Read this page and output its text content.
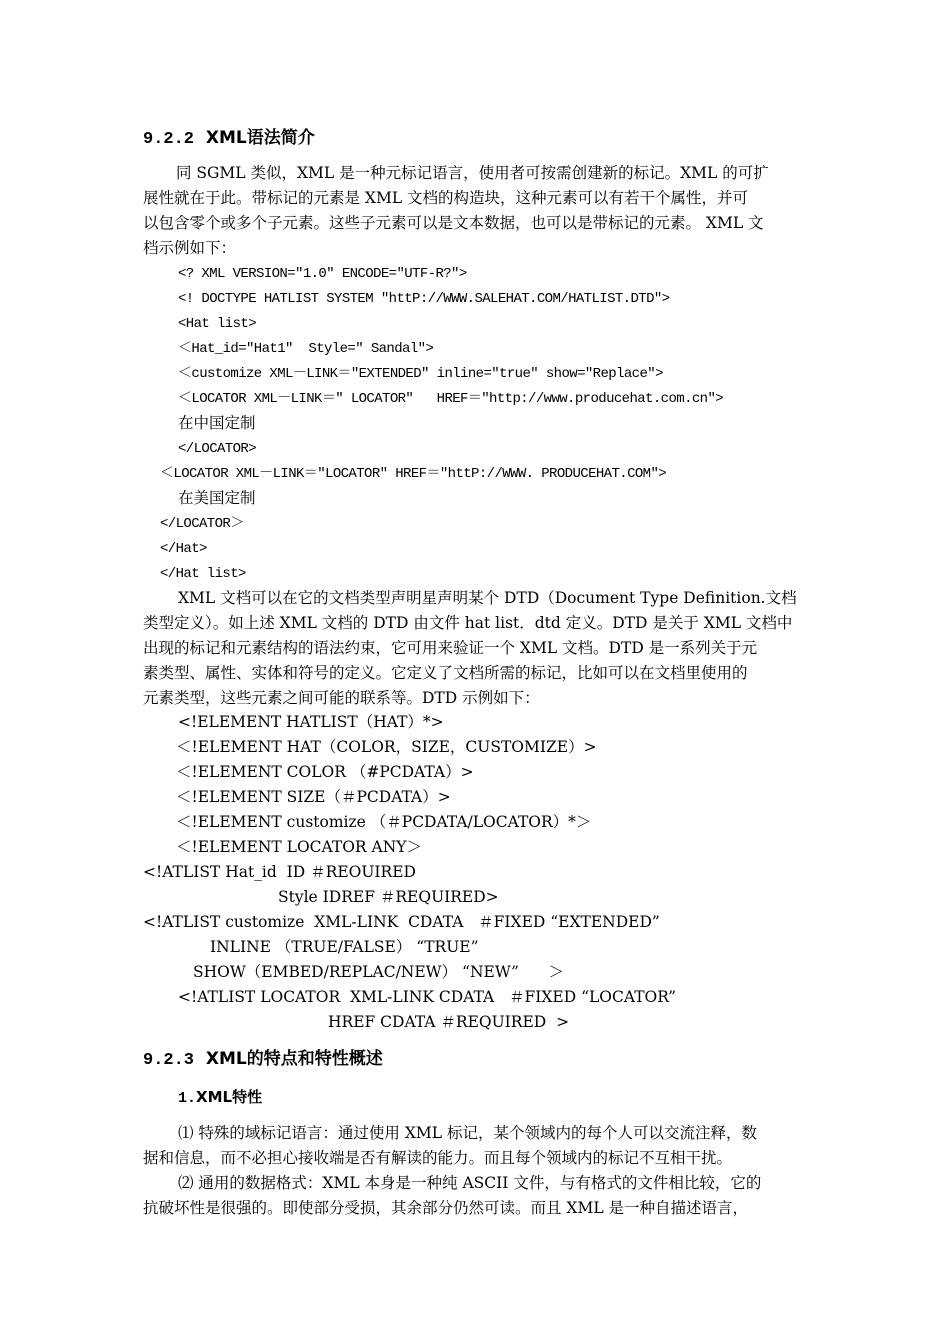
9.2.2 XML语法简介
同 SGML 类似，XML 是一种元标记语言，使用者可按需创建新的标记。XML 的可扩
展性就在于此。带标记的元素是 XML 文档的构造块，这种元素可以有若干个属性，并可
以包含零个或多个子元素。这些子元素可以是文本数据，也可以是带标记的元素。 XML 文
档示例如下：
<? XML VERSION="1.0" ENCODE="UTF-R?">
<! DOCTYPE HATLIST SYSTEM "httP://WWW.SALEHAT.COM/HATLIST.DTD">
<Hat list>
＜Hat_id="Hat1"  Style=" Sandal">
＜customize XML－LINK＝"EXTENDED" inline="true" show="Replace">
＜LOCATOR XML－LINK＝" LOCATOR"   HREF＝"http://www.producehat.com.cn">
在中国定制
</LOCATOR>
＜LOCATOR XML－LINK＝"LOCATOR" HREF＝"httP://WWW. PRODUCEHAT.COM">
在美国定制
</LOCATOR＞
</Hat>
</Hat list>
XML 文档可以在它的文档类型声明星声明某个 DTD（Document Type Definition.文档
类型定义）。如上述 XML 文档的 DTD 由文件 hat list．dtd 定义。DTD 是关于 XML 文档中
出现的标记和元素结构的语法约束，它可用来验证一个 XML 文档。DTD 是一系列关于元
素类型、属性、实体和符号的定义。它定义了文档所需的标记，比如可以在文档里使用的
元素类型，这些元素之间可能的联系等。DTD 示例如下：
<!ELEMENT HATLIST（HAT）*>
＜!ELEMENT HAT（COLOR，SIZE，CUSTOMIZE）>
＜!ELEMENT COLOR （#PCDATA）>
＜!ELEMENT SIZE（＃PCDATA）>
＜!ELEMENT customize （＃PCDATA/LOCATOR）*＞
＜!ELEMENT LOCATOR ANY＞
<!ATLIST Hat_id  ID ＃REOUIRED
Style IDREF ＃REQUIRED>
<!ATLIST customize  XML-LINK  CDATA   ＃FIXED “EXTENDED”
INLINE （TRUE/FALSE） “TRUE”
SHOW（EMBED/REPLAC/NEW） “NEW”      ＞
<!ATLIST LOCATOR  XML-LINK CDATA   ＃FIXED “LOCATOR”
HREF CDATA ＃REQUIRED  >
9.2.3 XML的特点和特性概述
1.XML特性
⑴ 特殊的域标记语言：通过使用 XML 标记，某个领域内的每个人可以交流注释，数
据和信息，而不必担心接收端是否有解读的能力。而且每个领域内的标记不互相干扰。
⑵ 通用的数据格式：XML 本身是一种纯 ASCII 文件，与有格式的文件相比较，它的
抗破坏性是很强的。即使部分受损，其余部分仍然可读。而且 XML 是一种自描述语言，
